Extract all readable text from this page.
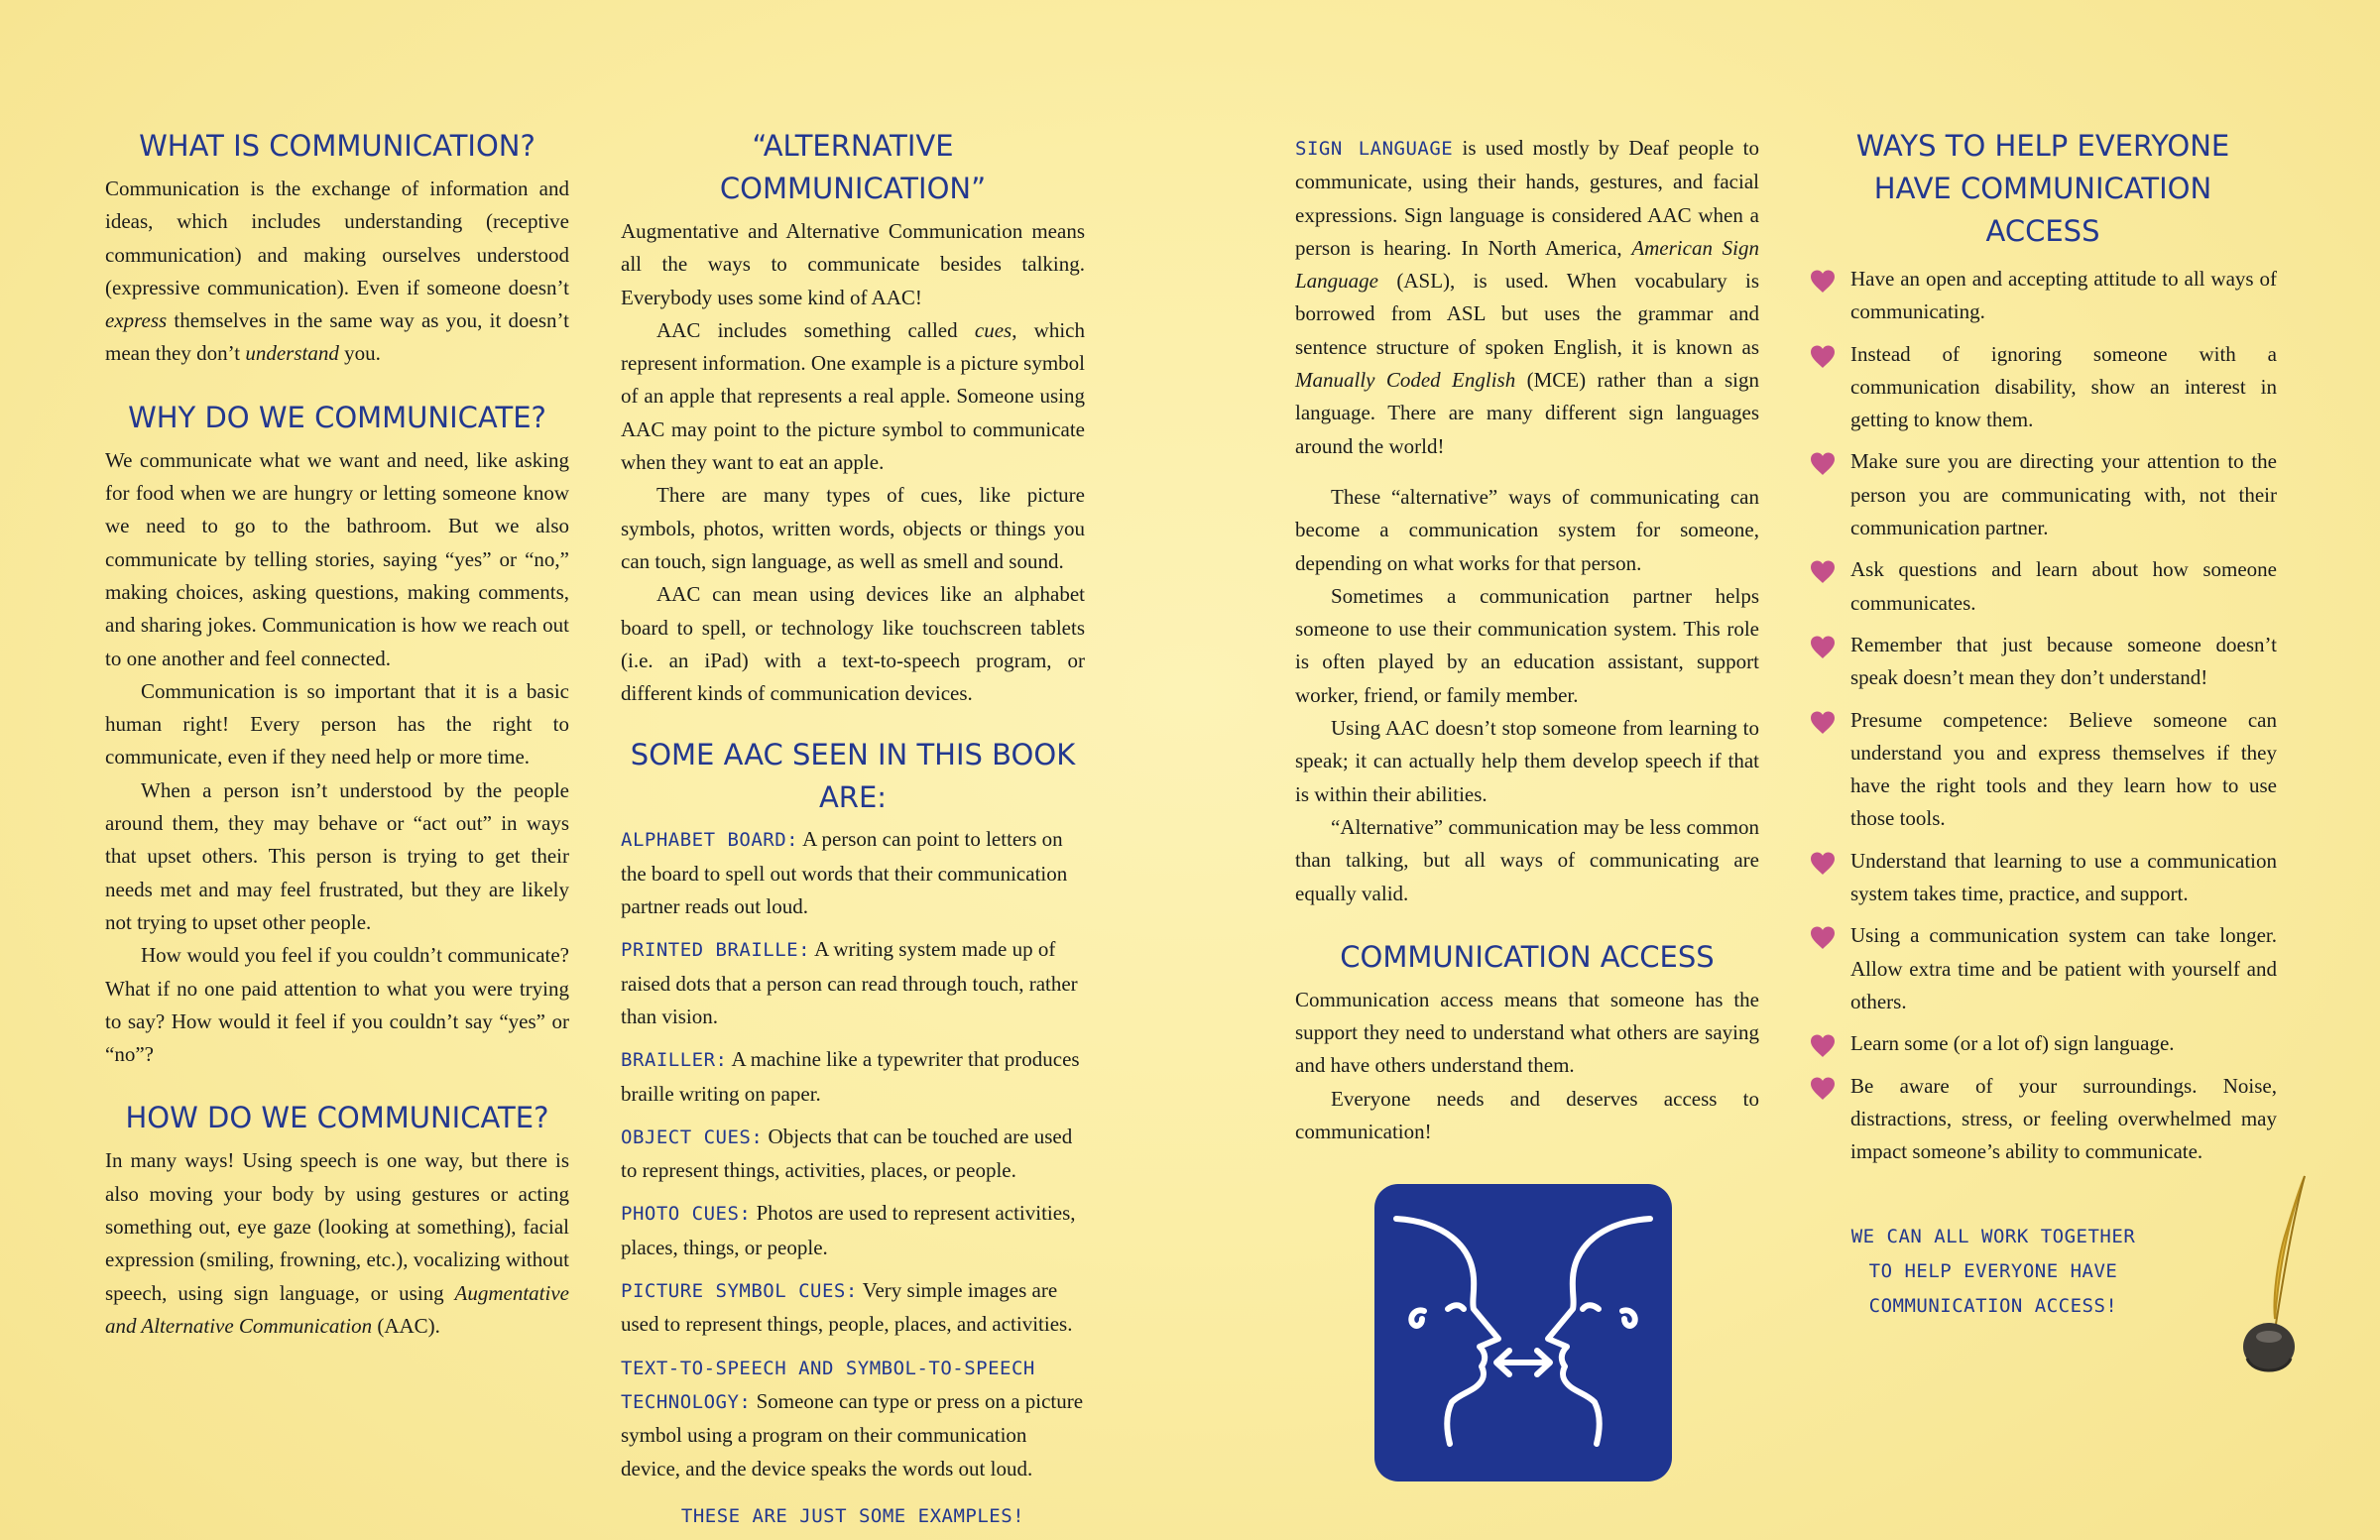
WHAT IS COMMUNICATION?

Communication is the exchange of information and ideas, which includes understanding (receptive communication) and making ourselves understood (expressive communication). Even if someone doesn’t express themselves in the same way as you, it doesn’t mean they don’t understand you.

WHY DO WE COMMUNICATE?

We communicate what we want and need, like asking for food when we are hungry or letting someone know we need to go to the bathroom. But we also communicate by telling stories, saying “yes” or “no,” making choices, asking questions, making comments, and sharing jokes. Communication is how we reach out to one another and feel connected.

Communication is so important that it is a basic human right! Every person has the right to communicate, even if they need help or more time.

When a person isn’t understood by the people around them, they may behave or “act out” in ways that upset others. This person is trying to get their needs met and may feel frustrated, but they are likely not trying to upset other people.

How would you feel if you couldn’t communicate? What if no one paid attention to what you were trying to say? How would it feel if you couldn’t say “yes” or “no”?

HOW DO WE COMMUNICATE?

In many ways! Using speech is one way, but there is also moving your body by using gestures or acting something out, eye gaze (looking at something), facial expression (smiling, frowning, etc.), vocalizing without speech, using sign language, or using Augmentative and Alternative Communication (AAC).

“ALTERNATIVE COMMUNICATION”

Augmentative and Alternative Communication means all the ways to communicate besides talking. Everybody uses some kind of AAC!

AAC includes something called cues, which represent information. One example is a picture symbol of an apple that represents a real apple. Someone using AAC may point to the picture symbol to communicate when they want to eat an apple.

There are many types of cues, like picture symbols, photos, written words, objects or things you can touch, sign language, as well as smell and sound.

AAC can mean using devices like an alphabet board to spell, or technology like touchscreen tablets (i.e. an iPad) with a text-to-speech program, or different kinds of communication devices.

SOME AAC SEEN IN THIS BOOK ARE:

ALPHABET BOARD: A person can point to letters on the board to spell out words that their communication partner reads out loud.

PRINTED BRAILLE: A writing system made up of raised dots that a person can read through touch, rather than vision.

BRAILLER: A machine like a typewriter that produces braille writing on paper.

OBJECT CUES: Objects that can be touched are used to represent things, activities, places, or people.

PHOTO CUES: Photos are used to represent activities, places, things, or people.

PICTURE SYMBOL CUES: Very simple images are used to represent things, people, places, and activities.

TEXT-TO-SPEECH AND SYMBOL-TO-SPEECH TECHNOLOGY: Someone can type or press on a picture symbol using a program on their communication device, and the device speaks the words out loud.

THESE ARE JUST SOME EXAMPLES!

SIGN LANGUAGE is used mostly by Deaf people to communicate, using their hands, gestures, and facial expressions. Sign language is considered AAC when a person is hearing. In North America, American Sign Language (ASL), is used. When vocabulary is borrowed from ASL but uses the grammar and sentence structure of spoken English, it is known as Manually Coded English (MCE) rather than a sign language. There are many different sign languages around the world!

These “alternative” ways of communicating can become a communication system for someone, depending on what works for that person.

Sometimes a communication partner helps someone to use their communication system. This role is often played by an education assistant, support worker, friend, or family member.

Using AAC doesn’t stop someone from learning to speak; it can actually help them develop speech if that is within their abilities.

“Alternative” communication may be less common than talking, but all ways of communicating are equally valid.

COMMUNICATION ACCESS

Communication access means that someone has the support they need to understand what others are saying and have others understand them.

Everyone needs and deserves access to communication!

WAYS TO HELP EVERYONE HAVE COMMUNICATION ACCESS

Have an open and accepting attitude to all ways of communicating.

Instead of ignoring someone with a communication disability, show an interest in getting to know them.

Make sure you are directing your attention to the person you are communicating with, not their communication partner.

Ask questions and learn about how someone communicates.

Remember that just because someone doesn’t speak doesn’t mean they don’t understand!

Presume competence: Believe someone can understand you and express themselves if they have the right tools and they learn how to use those tools.

Understand that learning to use a communication system takes time, practice, and support.

Using a communication system can take longer. Allow extra time and be patient with yourself and others.

Learn some (or a lot of) sign language.

Be aware of your surroundings. Noise, distractions, stress, or feeling overwhelmed may impact someone’s ability to communicate.

WE CAN ALL WORK TOGETHER
TO HELP EVERYONE HAVE
COMMUNICATION ACCESS!
